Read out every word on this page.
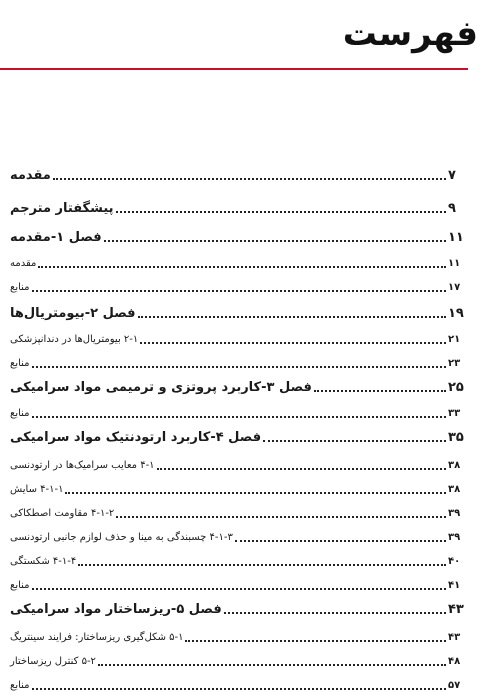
فهرست
مقدمه	۷
پیشگفتار مترجم	۹
فصل ۱-مقدمه	۱۱
مقدمه	۱۱
منابع	۱۷
فصل ۲-بیومتریال‌ها	۱۹
۲-۱ بیومتریال‌ها در دندانپزشکی	۲۱
منابع	۲۳
فصل ۳-کاربرد پروتزی و ترمیمی مواد سرامیکی	۲۵
منابع	۳۳
فصل ۴-کاربرد ارتودنتیک مواد سرامیکی	۳۵
۴-۱ معایب سرامیک‌ها در ارتودنسی	۳۸
۴-۱-۱ سایش	۳۸
۴-۱-۲ مقاومت اصطکاکی	۳۹
۴-۱-۳ چسبندگی به مینا و حذف لوازم جانبی ارتودنسی	۳۹
۴-۱-۴ شکستگی	۴۰
منابع	۴۱
فصل ۵-ریزساختار مواد سرامیکی	۴۳
۵-۱ شکل‌گیری ریزساختار: فرایند سینتریگ	۴۳
۵-۲ کنترل ریزساختار	۴۸
منابع	۵۷
